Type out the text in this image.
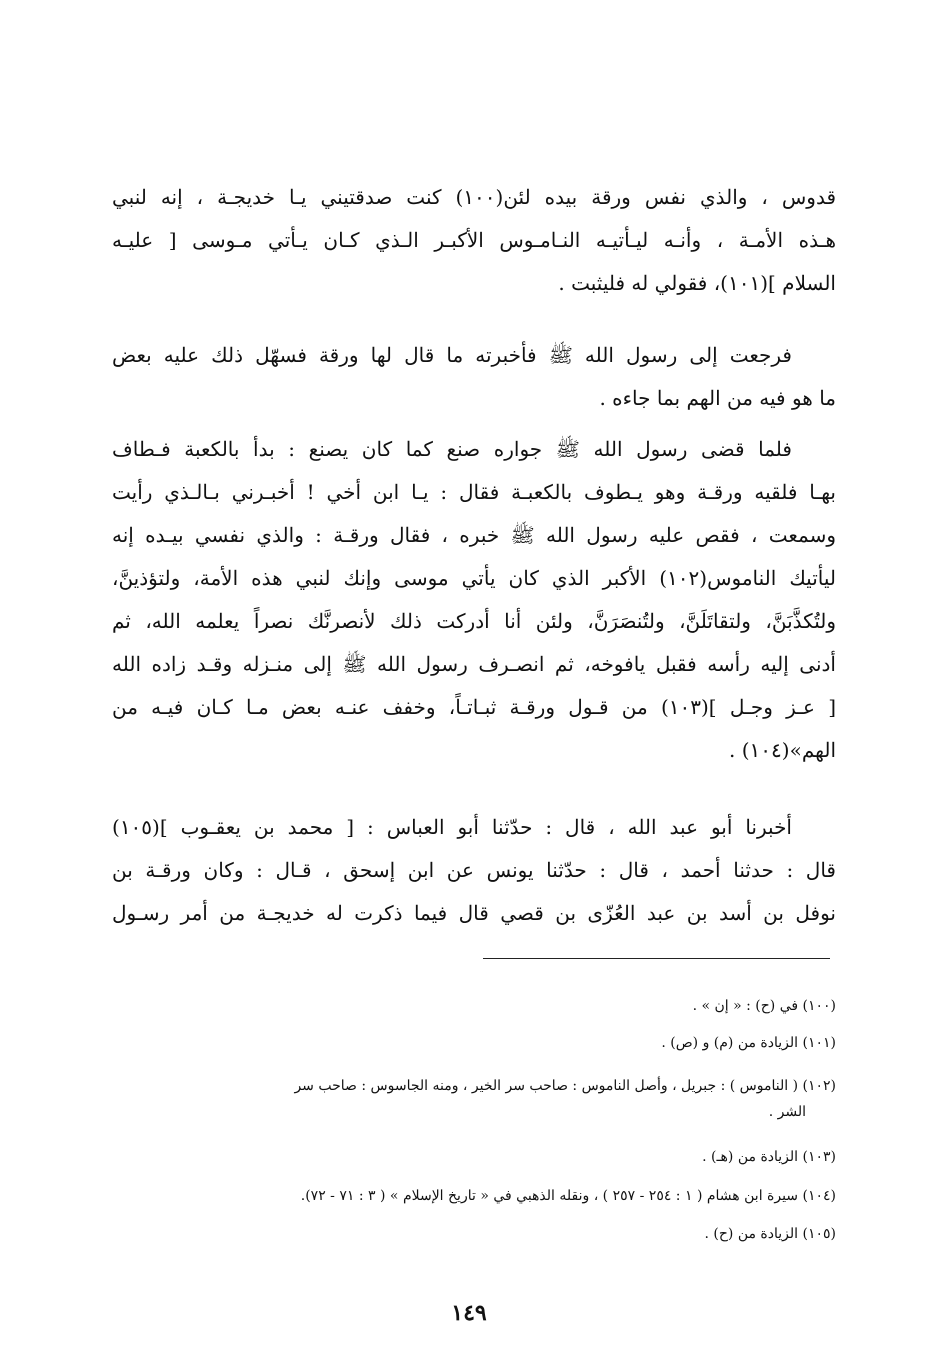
قدوس ، والذي نفس ورقة بيده لئن(١٠٠) كنت صدقتيني يـا خديجـة ، إنه لنبي
هـذه الأمـة ، وأنـه ليـأتيـه النـامـوس الأكبـر الـذي كـان يـأتي مـوسى [ عليـه
السلام ](١٠١)، فقولي له فليثبت .
فرجعت إلى رسول الله ﷺ فأخبرته ما قال لها ورقة فسهّل ذلك عليه بعض
ما هو فيه من الهم بما جاءه .
فلما قضى رسول الله ﷺ جواره صنع كما كان يصنع : بدأ بالكعبة فـطاف
بهـا فلقيه ورقـة وهو يـطوف بالكعبـة فقال : يـا ابن أخي ! أخبـرني بـالـذي رأيت
وسمعت ، فقص عليه رسول الله ﷺ خبره ، فقال ورقـة : والذي نفسي بيـده إنه
ليأتيك الناموس(١٠٢) الأكبر الذي كان يأتي موسى وإنك لنبي هذه الأمة، ولتؤذينَّ،
ولتُكذَّبَنَّ، ولتقاتَلَنَّ، ولتُنصَرَنَّ، ولئن أنا أدركت ذلك لأنصرنَّك نصراً يعلمه الله، ثم
أدنى إليه رأسه فقبل يافوخه، ثم انصـرف رسول الله ﷺ إلى منـزله وقـد زاده الله
[ عـز وجـل ](١٠٣) من قـول ورقـة ثبـاتـاً، وخفف عنـه بعض مـا كـان فيـه من
الهم»(١٠٤) .
أخبرنا أبو عبد الله ، قال : حدّثنا أبو العباس : [ محمد بن يعقـوب ](١٠٥)
قال : حدثنا أحمد ، قال : حدّثنا يونس عن ابن إسحق ، قـال : وكان ورقـة بن
نوفل بن أسد بن عبد العُزّى بن قصي قال فيما ذكرت له خديجـة من أمر رسـول
(١٠٠) في (ح) : « إن » .
(١٠١) الزيادة من (م) و (ص) .
(١٠٢) ( الناموس ) : جبريل ، وأصل الناموس : صاحب سر الخير ، ومنه الجاسوس : صاحب سر
الشر .
(١٠٣) الزيادة من (هـ) .
(١٠٤) سيرة ابن هشام ( ١ : ٢٥٤ - ٢٥٧ ) ، ونقله الذهبي في « تاريخ الإسلام » ( ٣ : ٧١ - ٧٢).
(١٠٥) الزيادة من (ح) .
١٤٩
